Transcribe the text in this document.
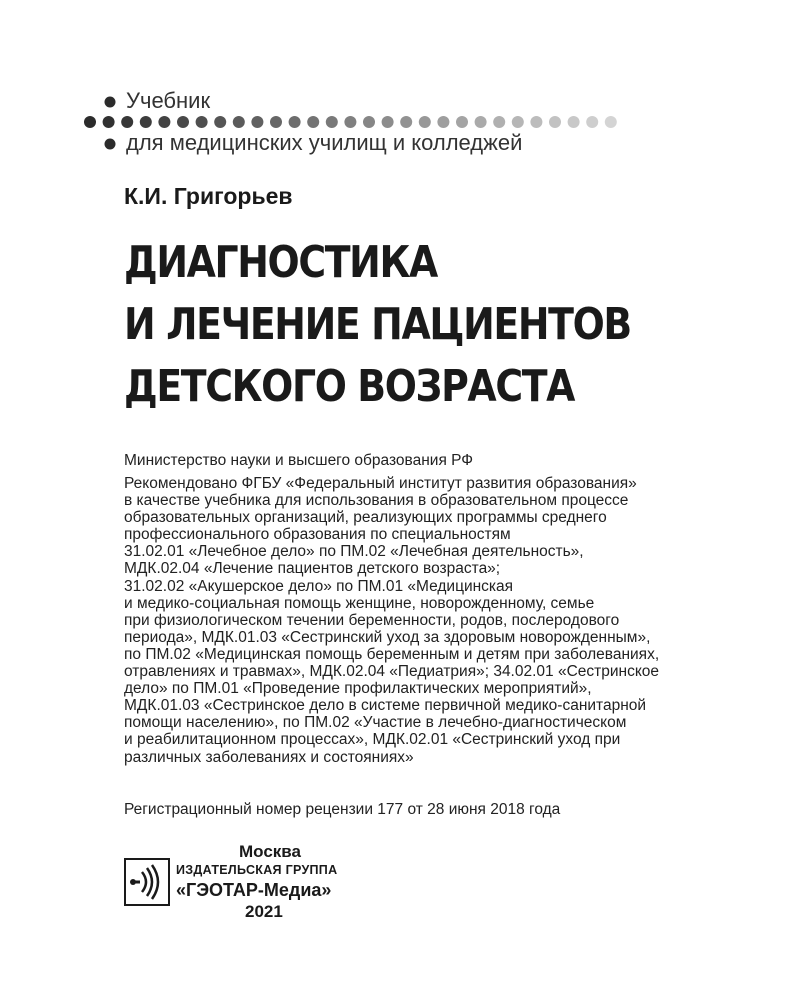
Учебник
для медицинских училищ и колледжей
К.И. Григорьев
ДИАГНОСТИКА
И ЛЕЧЕНИЕ ПАЦИЕНТОВ
ДЕТСКОГО ВОЗРАСТА
Министерство науки и высшего образования РФ
Рекомендовано ФГБУ «Федеральный институт развития образования»
в качестве учебника для использования в образовательном процессе
образовательных организаций, реализующих программы среднего
профессионального образования по специальностям
31.02.01 «Лечебное дело» по ПМ.02 «Лечебная деятельность»,
МДК.02.04 «Лечение пациентов детского возраста»;
31.02.02 «Акушерское дело» по ПМ.01 «Медицинская
и медико-социальная помощь женщине, новорожденному, семье
при физиологическом течении беременности, родов, послеродового
периода», МДК.01.03 «Сестринский уход за здоровым новорожденным»,
по ПМ.02 «Медицинская помощь беременным и детям при заболеваниях,
отравлениях и травмах», МДК.02.04 «Педиатрия»; 34.02.01 «Сестринское
дело» по ПМ.01 «Проведение профилактических мероприятий»,
МДК.01.03 «Сестринское дело в системе первичной медико-санитарной
помощи населению», по ПМ.02 «Участие в лечебно-диагностическом
и реабилитационном процессах», МДК.02.01 «Сестринский уход при
различных заболеваниях и состояниях»
Регистрационный номер рецензии 177 от 28 июня 2018 года
Москва
ИЗДАТЕЛЬСКАЯ ГРУППА
«ГЭОТАР-Медиа»
2021
